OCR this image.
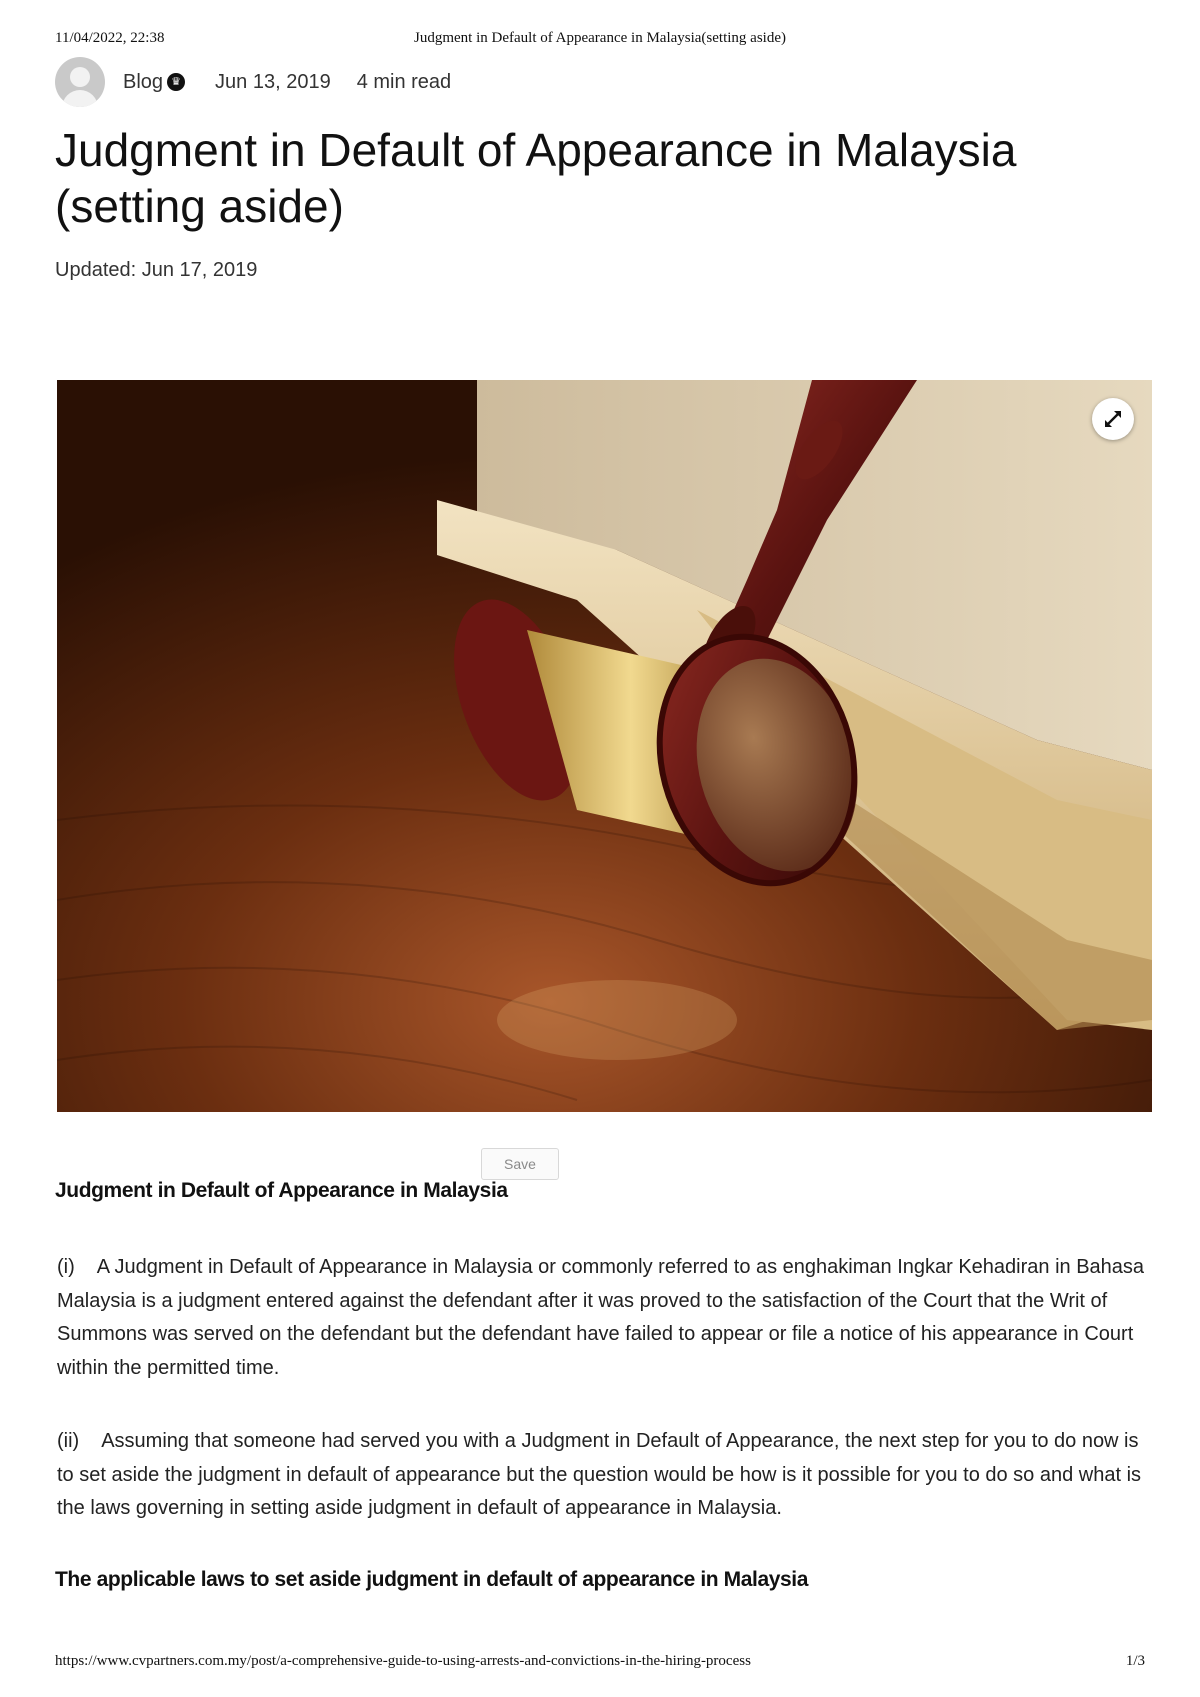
11/04/2022, 22:38	Judgment in Default of Appearance in Malaysia(setting aside)
Blog ♛ Jun 13, 2019 4 min read
Judgment in Default of Appearance in Malaysia (setting aside)
Updated: Jun 17, 2019
Save
Judgment in Default of Appearance in Malaysia

(i) A Judgment in Default of Appearance in Malaysia or commonly referred to as enghakiman Ingkar Kehadiran in Bahasa Malaysia is a judgment entered against the defendant after it was proved to the satisfaction of the Court that the Writ of Summons was served on the defendant but the defendant have failed to appear or file a notice of his appearance in Court within the permitted time.

(ii) Assuming that someone had served you with a Judgment in Default of Appearance, the next step for you to do now is to set aside the judgment in default of appearance but the question would be how is it possible for you to do so and what is the laws governing in setting aside judgment in default of appearance in Malaysia.

The applicable laws to set aside judgment in default of appearance in Malaysia
https://www.cvpartners.com.my/post/a-comprehensive-guide-to-using-arrests-and-convictions-in-the-hiring-process	1/3
